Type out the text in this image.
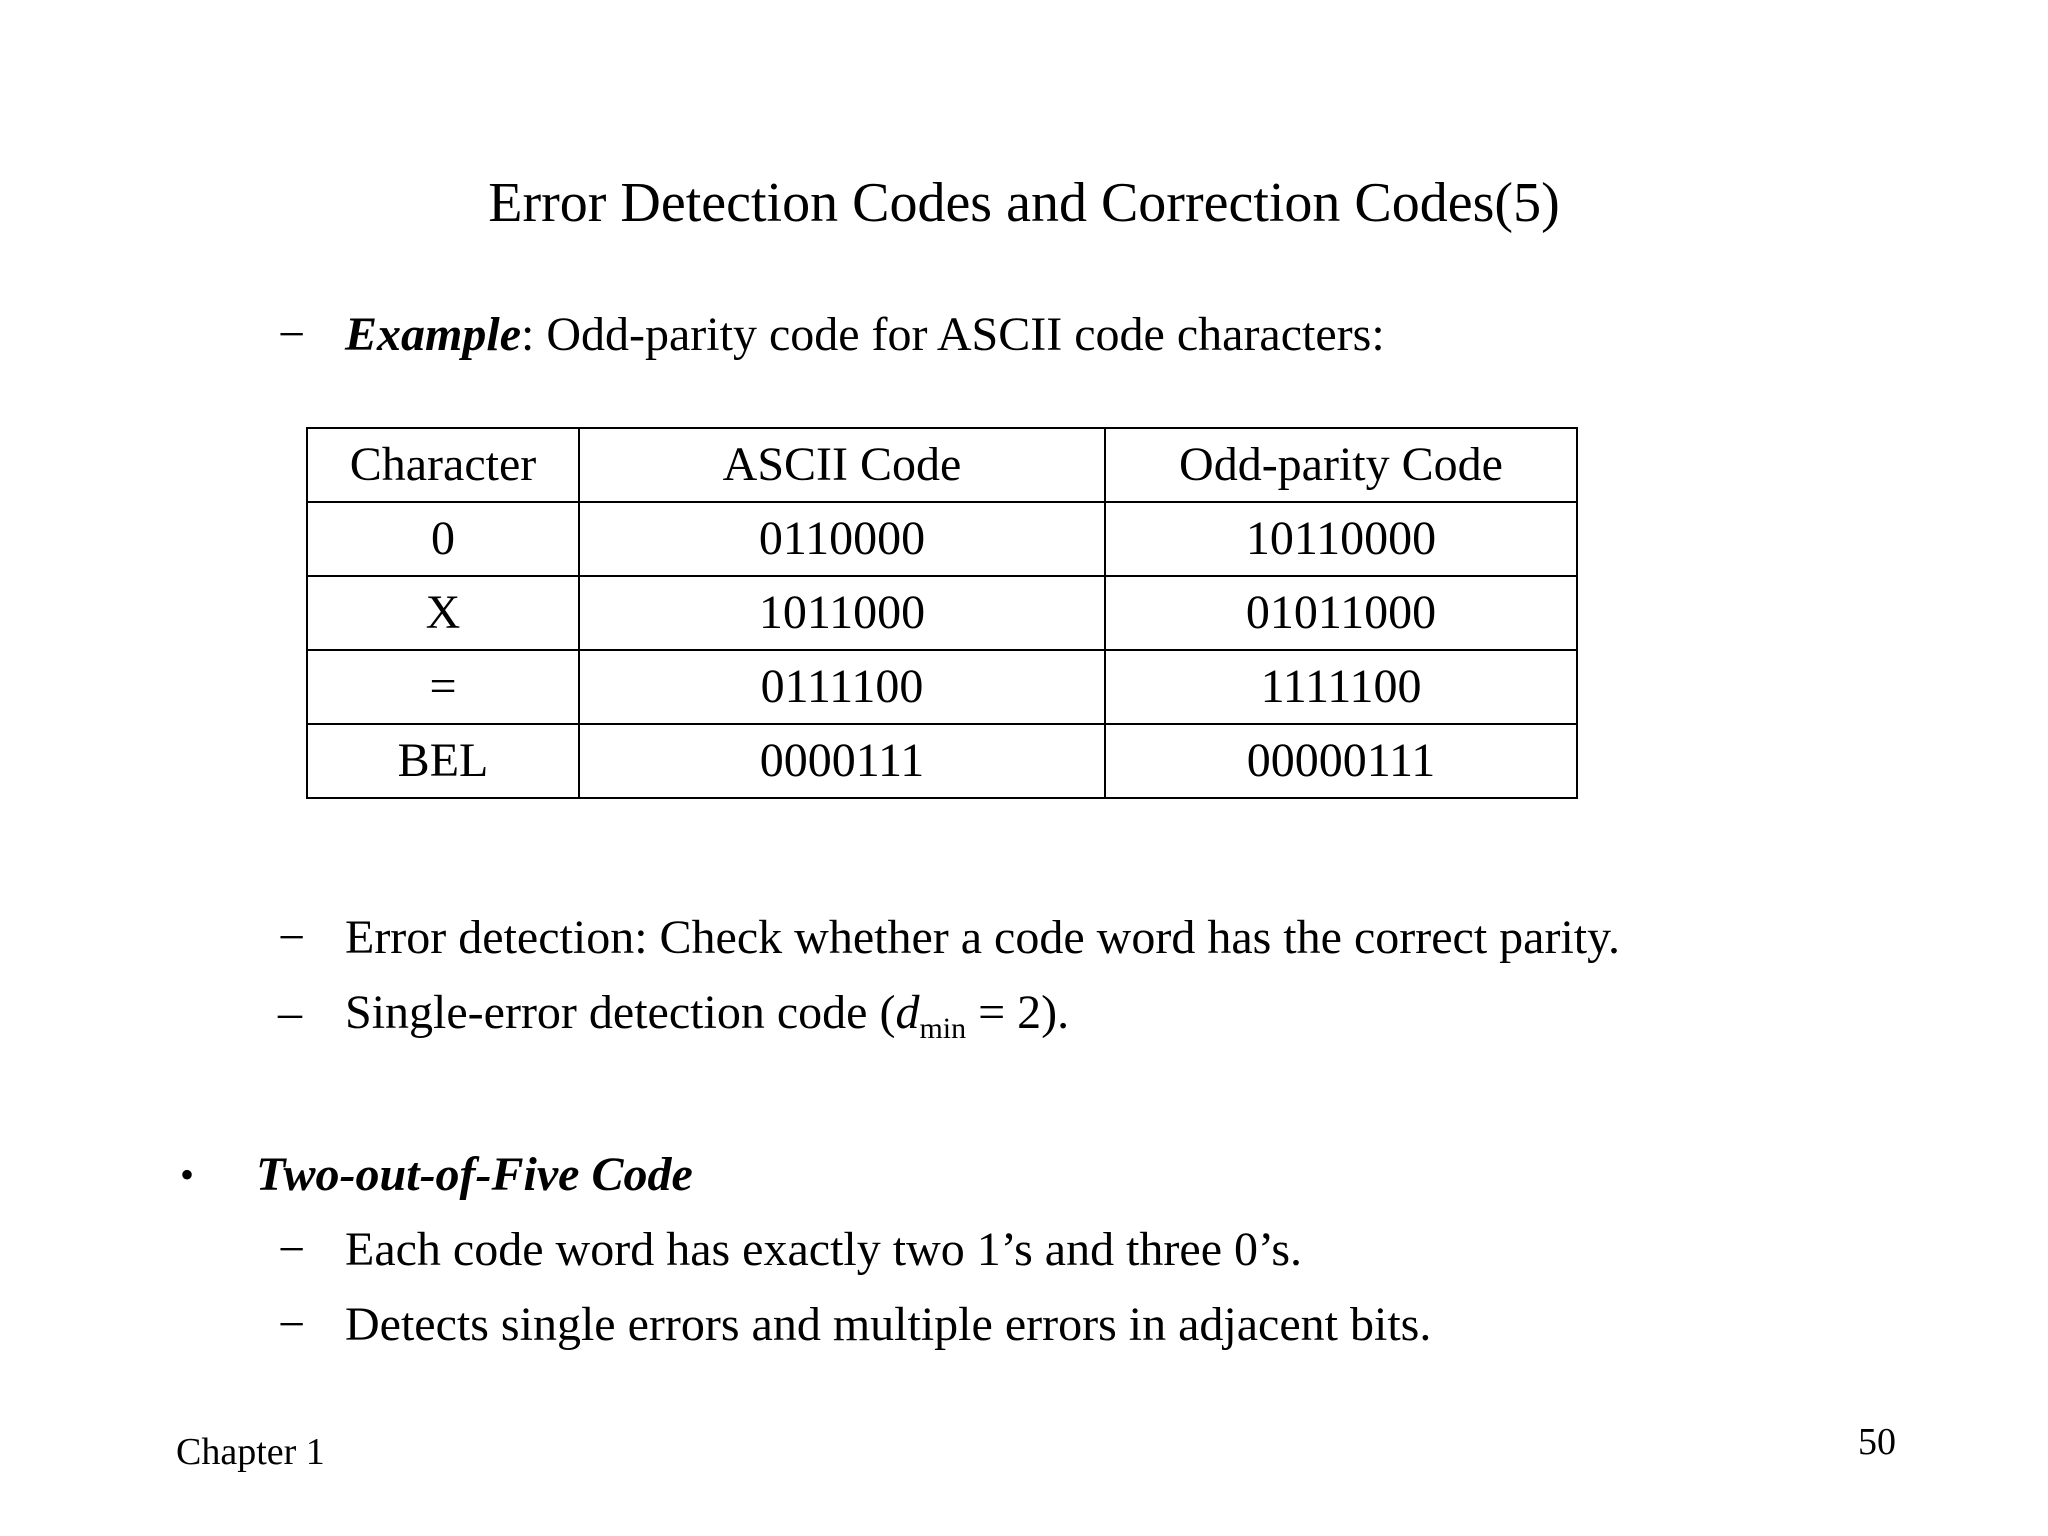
Error Detection Codes and Correction Codes(5)
− Example: Odd-parity code for ASCII code characters:
Character	ASCII Code	Odd-parity Code
0	0110000	10110000
X	1011000	01011000
=	0111100	1111100
BEL	0000111	00000111
− Error detection: Check whether a code word has the correct parity.
– Single-error detection code $(d_{min} = 2)$.
• Two-out-of-Five Code
− Each code word has exactly two 1’s and three 0’s.
− Detects single errors and multiple errors in adjacent bits.
Chapter 1	50
